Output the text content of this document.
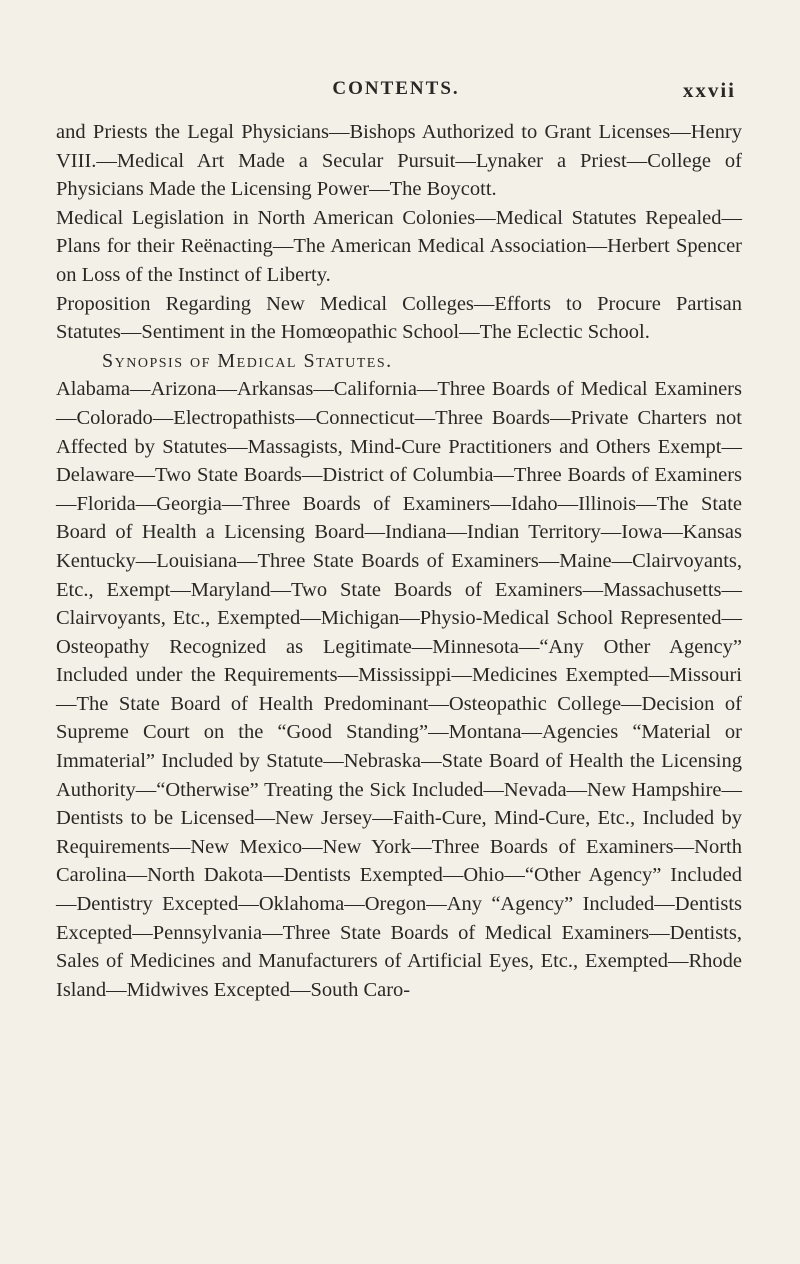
CONTENTS.	xxvii

and Priests the Legal Physicians—Bishops Authorized to Grant Licenses—Henry VIII.—Medical Art Made a Secular Pursuit—Lynaker a Priest—College of Physicians Made the Licensing Power—The Boycott.

Medical Legislation in North American Colonies—Medical Statutes Repealed—Plans for their Reënacting—The American Medical Association—Herbert Spencer on Loss of the Instinct of Liberty.

Proposition Regarding New Medical Colleges—Efforts to Procure Partisan Statutes—Sentiment in the Homœopathic School—The Eclectic School.

Synopsis of Medical Statutes.

Alabama—Arizona—Arkansas—California—Three Boards of Medical Examiners—Colorado—Electropathists—Connecticut—Three Boards—Private Charters not Affected by Statutes—Massagists, Mind-Cure Practitioners and Others Exempt—Delaware—Two State Boards—District of Columbia—Three Boards of Examiners—Florida—Georgia—Three Boards of Examiners—Idaho—Illinois—The State Board of Health a Licensing Board—Indiana—Indian Territory—Iowa—Kansas Kentucky—Louisiana—Three State Boards of Examiners—Maine—Clairvoyants, Etc., Exempt—Maryland—Two State Boards of Examiners—Massachusetts—Clairvoyants, Etc., Exempted—Michigan—Physio-Medical School Represented—Osteopathy Recognized as Legitimate—Minnesota—“Any Other Agency” Included under the Requirements—Mississippi—Medicines Exempted—Missouri—The State Board of Health Predominant—Osteopathic College—Decision of Supreme Court on the “Good Standing”—Montana—Agencies “Material or Immaterial” Included by Statute—Nebraska—State Board of Health the Licensing Authority—“Otherwise” Treating the Sick Included—Nevada—New Hampshire—Dentists to be Licensed—New Jersey—Faith-Cure, Mind-Cure, Etc., Included by Requirements—New Mexico—New York—Three Boards of Examiners—North Carolina—North Dakota—Dentists Exempted—Ohio—“Other Agency” Included—Dentistry Excepted—Oklahoma—Oregon—Any “Agency” Included—Dentists Excepted—Pennsylvania—Three State Boards of Medical Examiners—Dentists, Sales of Medicines and Manufacturers of Artificial Eyes, Etc., Exempted—Rhode Island—Midwives Excepted—South Caro-
